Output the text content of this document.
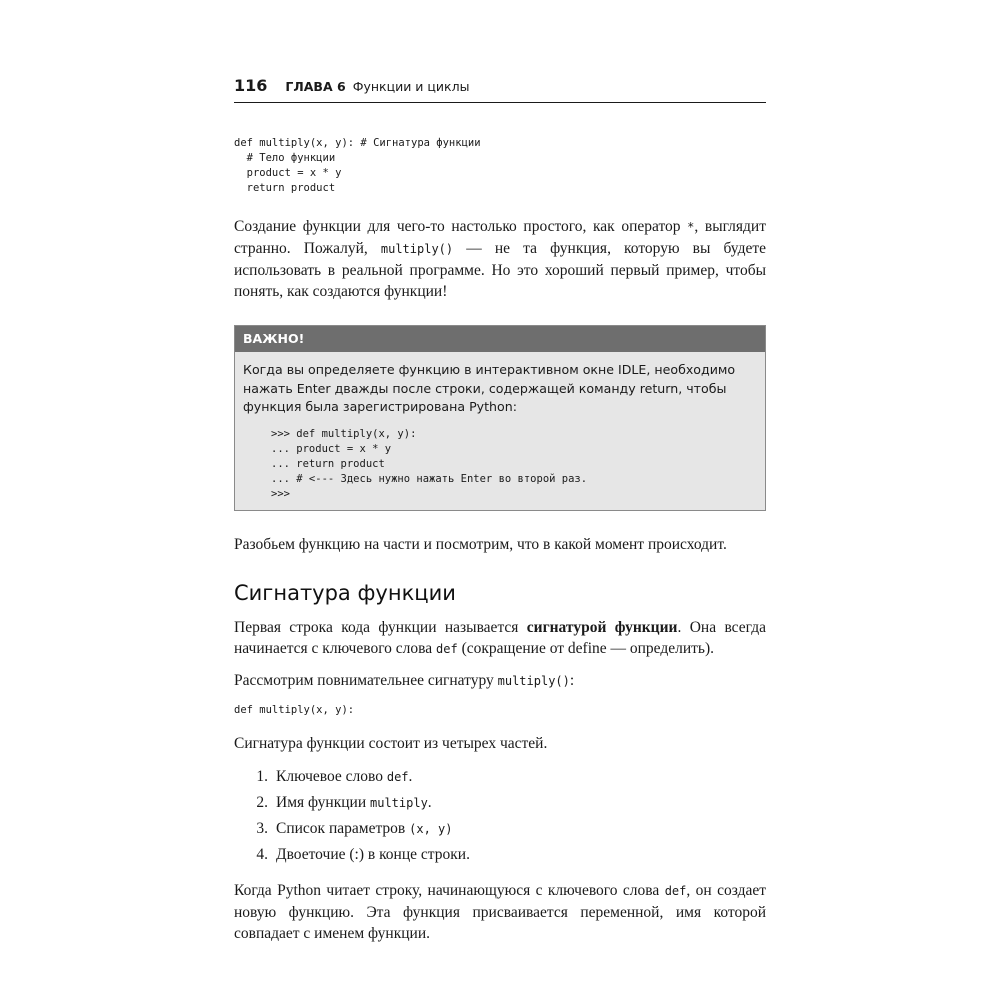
116 ГЛАВА 6 Функции и циклы
def multiply(x, y): # Сигнатура функции
# Тело функции
product = x * y
return product

Создание функции для чего-то настолько простого, как оператор *, выглядит странно. Пожалуй, multiply() — не та функция, которую вы будете использовать в реальной программе. Но это хороший первый пример, чтобы понять, как создаются функции!

ВАЖНО!

Когда вы определяете функцию в интерактивном окне IDLE, необходимо нажать Enter дважды после строки, содержащей команду return, чтобы функция была зарегистрирована Python:

>>> def multiply(x, y):
... product = x * y
... return product
... # <--- Здесь нужно нажать Enter во второй раз.
>>>

Разобьем функцию на части и посмотрим, что в какой момент происходит.

Сигнатура функции

Первая строка кода функции называется сигнатурой функции. Она всегда начинается с ключевого слова def (сокращение от define — определить).

Рассмотрим повнимательнее сигнатуру multiply():

def multiply(x, y):

Сигнатура функции состоит из четырех частей.

1. Ключевое слово def.
2. Имя функции multiply.
3. Список параметров (x, y)
4. Двоеточие (:) в конце строки.

Когда Python читает строку, начинающуюся с ключевого слова def, он создает новую функцию. Эта функция присваивается переменной, имя которой совпадает с именем функции.
